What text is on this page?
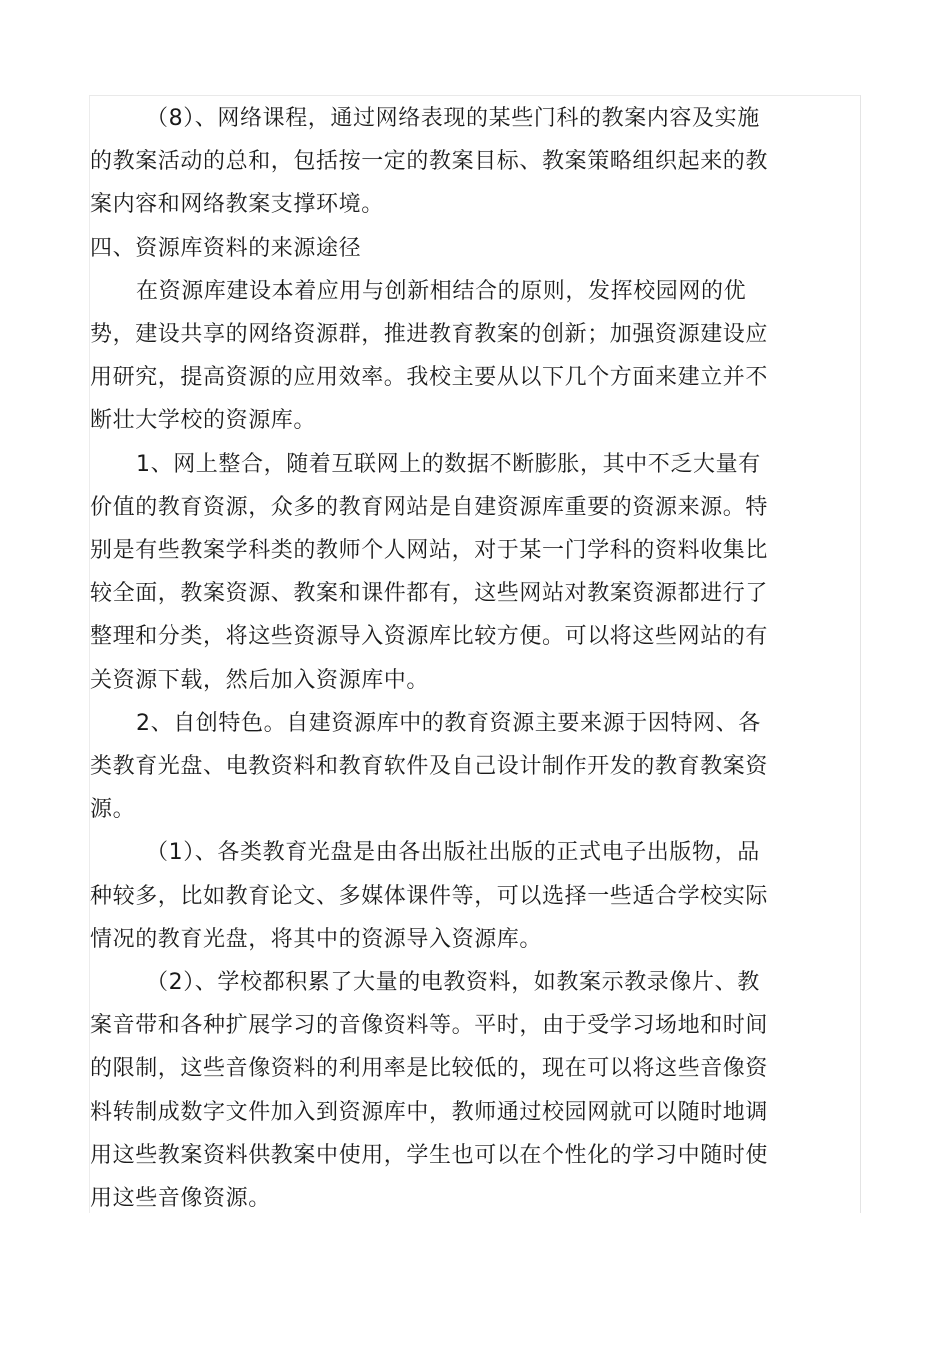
（8）、网络课程，通过网络表现的某些门科的教案内容及实施的教案活动的总和，包括按一定的教案目标、教案策略组织起来的教案内容和网络教案支撑环境。

四、资源库资料的来源途径

在资源库建设本着应用与创新相结合的原则，发挥校园网的优势，建设共享的网络资源群，推进教育教案的创新；加强资源建设应用研究，提高资源的应用效率。我校主要从以下几个方面来建立并不断壮大学校的资源库。

1、网上整合，随着互联网上的数据不断膨胀，其中不乏大量有价值的教育资源，众多的教育网站是自建资源库重要的资源来源。特别是有些教案学科类的教师个人网站，对于某一门学科的资料收集比较全面，教案资源、教案和课件都有，这些网站对教案资源都进行了整理和分类，将这些资源导入资源库比较方便。可以将这些网站的有关资源下载，然后加入资源库中。

2、自创特色。自建资源库中的教育资源主要来源于因特网、各类教育光盘、电教资料和教育软件及自己设计制作开发的教育教案资源。

（1）、各类教育光盘是由各出版社出版的正式电子出版物，品种较多，比如教育论文、多媒体课件等，可以选择一些适合学校实际情况的教育光盘，将其中的资源导入资源库。

（2）、学校都积累了大量的电教资料，如教案示教录像片、教案音带和各种扩展学习的音像资料等。平时，由于受学习场地和时间的限制，这些音像资料的利用率是比较低的，现在可以将这些音像资料转制成数字文件加入到资源库中，教师通过校园网就可以随时地调用这些教案资料供教案中使用，学生也可以在个性化的学习中随时使用这些音像资源。
